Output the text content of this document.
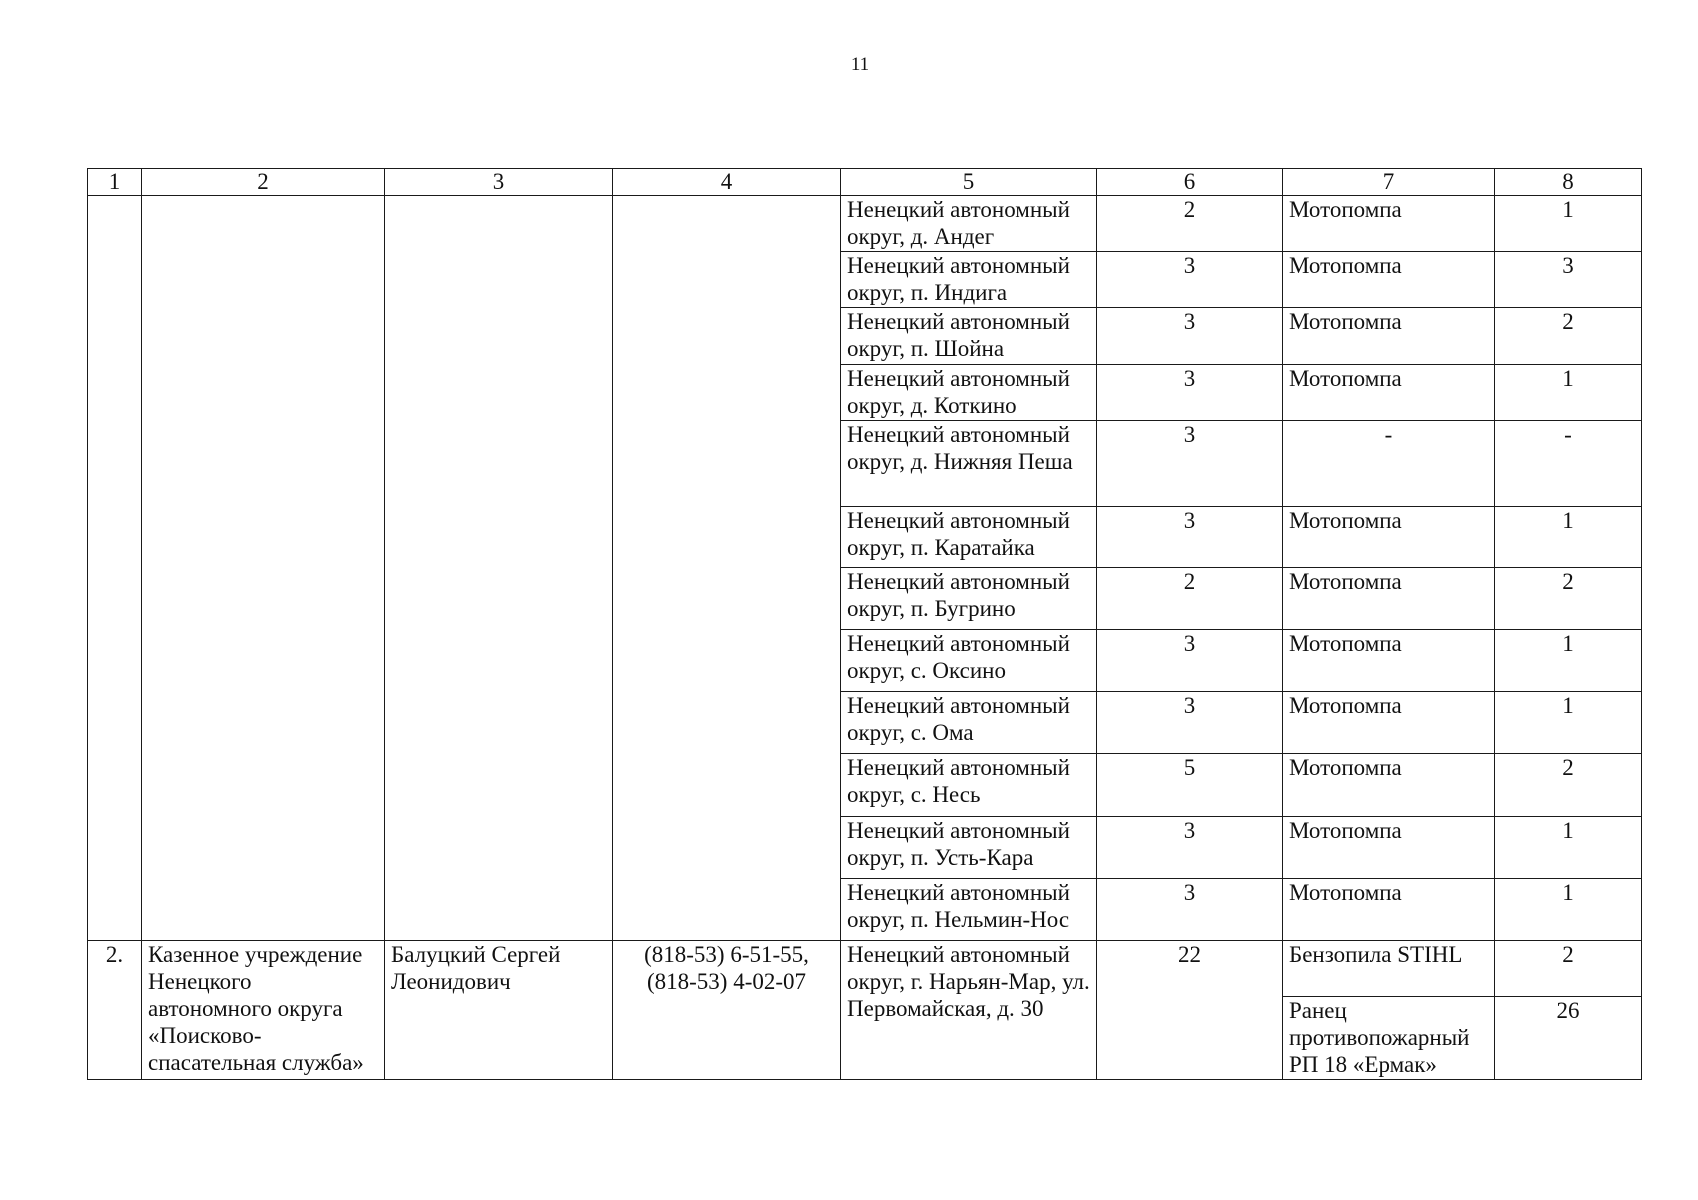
11
1	2	3	4	5	6	7	8
				Ненецкий автономный округ, д. Андег	2	Мотопомпа	1
				Ненецкий автономный округ, п. Индига	3	Мотопомпа	3
				Ненецкий автономный округ, п. Шойна	3	Мотопомпа	2
				Ненецкий автономный округ, д. Коткино	3	Мотопомпа	1
				Ненецкий автономный округ, д. Нижняя Пеша	3	-	-
				Ненецкий автономный округ, п. Каратайка	3	Мотопомпа	1
				Ненецкий автономный округ, п. Бугрино	2	Мотопомпа	2
				Ненецкий автономный округ, с. Оксино	3	Мотопомпа	1
				Ненецкий автономный округ, с. Ома	3	Мотопомпа	1
				Ненецкий автономный округ, с. Несь	5	Мотопомпа	2
				Ненецкий автономный округ, п. Усть-Кара	3	Мотопомпа	1
				Ненецкий автономный округ, п. Нельмин-Нос	3	Мотопомпа	1
2.	Казенное учреждение Ненецкого автономного округа «Поисково-спасательная служба»	Балуцкий Сергей Леонидович	(818-53) 6-51-55, (818-53) 4-02-07	Ненецкий автономный округ, г. Нарьян-Мар, ул. Первомайская, д. 30	22	Бензопила STIHL	2
						Ранец противопожарный РП 18 «Ермак»	26
